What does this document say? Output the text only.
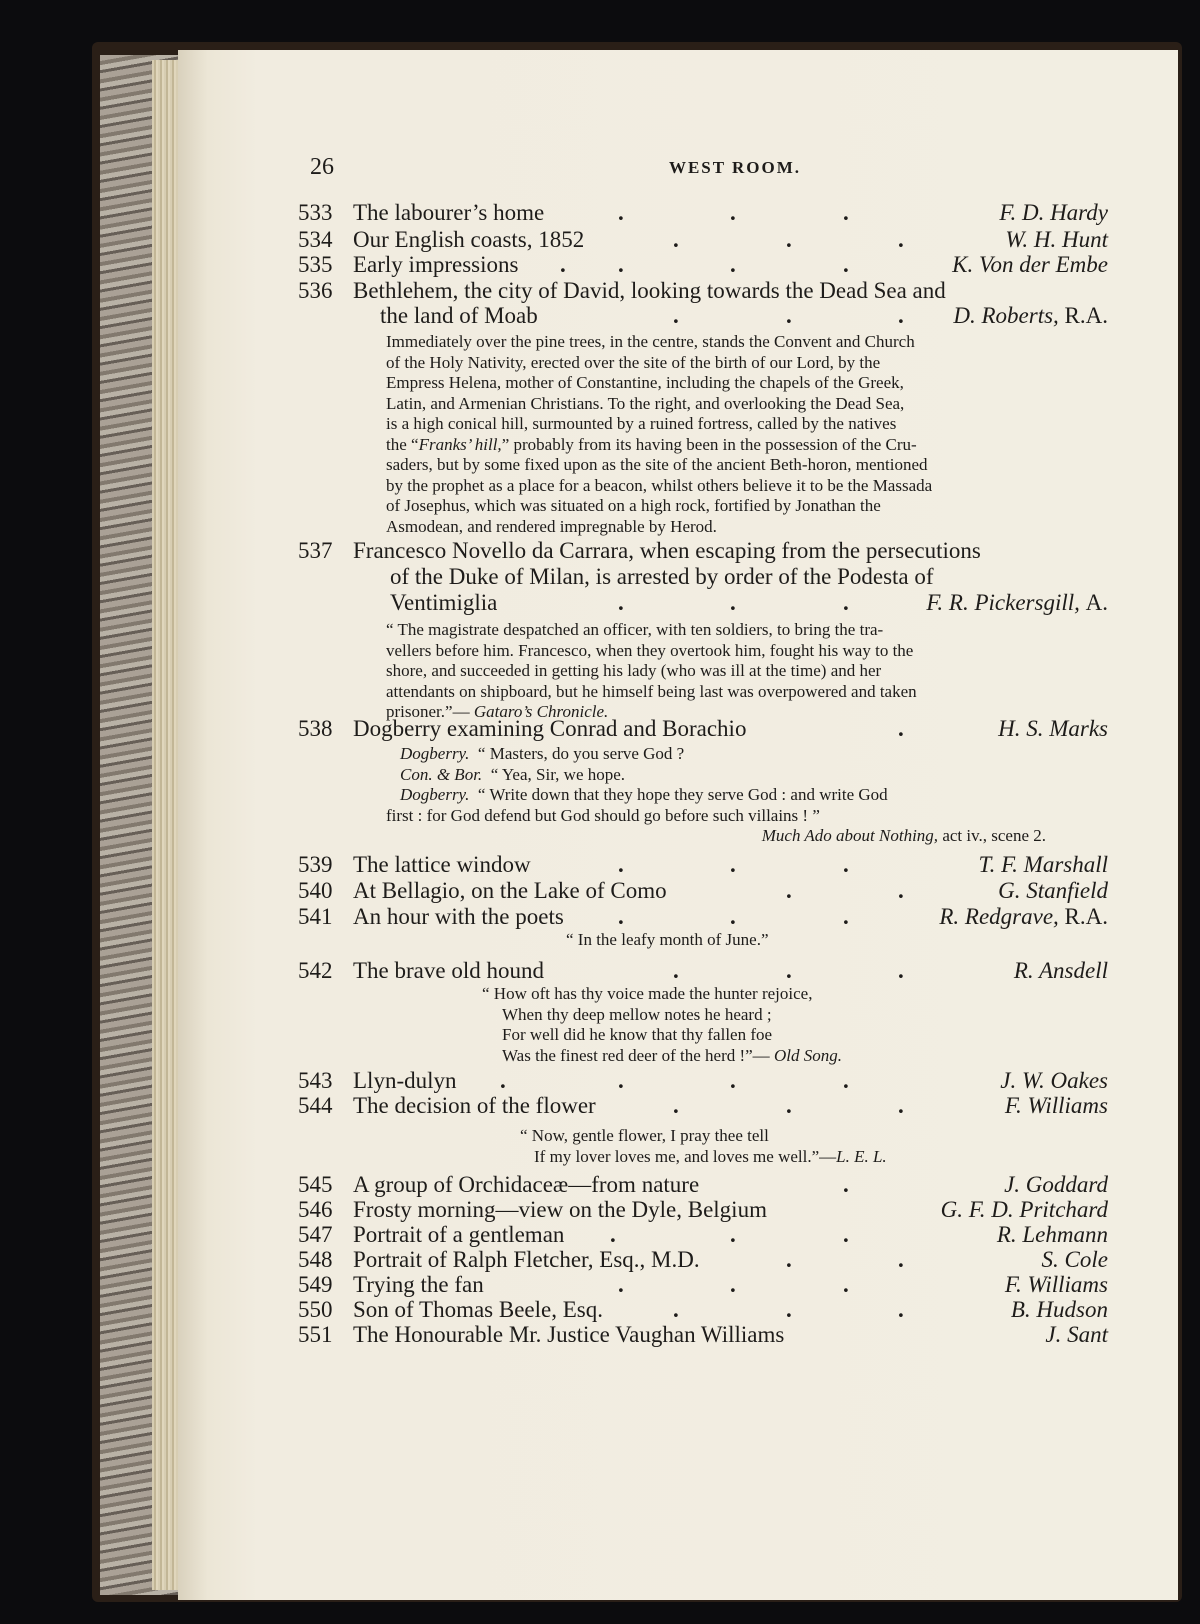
26	WEST ROOM.
533 The labourer’s home	.	.	.	F. D. Hardy
534 Our English coasts, 1852	.	.	.	W. H. Hunt
535 Early impressions . .	.	.	K. Von der Embe
536 Bethlehem, the city of David, looking towards the Dead Sea and
the land of Moab	.	.	. D. Roberts, R.A.
Immediately over the pine trees, in the centre, stands the Convent and Church
of the Holy Nativity, erected over the site of the birth of our Lord, by the
Empress Helena, mother of Constantine, including the chapels of the Greek,
Latin, and Armenian Christians. To the right, and overlooking the Dead Sea,
is a high conical hill, surmounted by a ruined fortress, called by the natives
the “Franks’ hill,” probably from its having been in the possession of the Cru-
saders, but by some fixed upon as the site of the ancient Beth-horon, mentioned
by the prophet as a place for a beacon, whilst others believe it to be the Massada
of Josephus, which was situated on a high rock, fortified by Jonathan the
Asmodean, and rendered impregnable by Herod.
537 Francesco Novello da Carrara, when escaping from the persecutions
of the Duke of Milan, is arrested by order of the Podesta of
Ventimiglia	.	.	.	F. R. Pickersgill, A.
“ The magistrate despatched an officer, with ten soldiers, to bring the tra-
vellers before him. Francesco, when they overtook him, fought his way to the
shore, and succeeded in getting his lady (who was ill at the time) and her
attendants on shipboard, but he himself being last was overpowered and taken
prisoner.”— Gataro’s Chronicle.
538 Dogberry examining Conrad and Borachio	.	H. S. Marks
Dogberry. “ Masters, do you serve God ?
Con. & Bor. “ Yea, Sir, we hope.
Dogberry. “ Write down that they hope they serve God : and write God
first : for God defend but God should go before such villains ! ”
Much Ado about Nothing, act iv., scene 2.
539 The lattice window	.	.	.	T. F. Marshall
540 At Bellagio, on the Lake of Como	.	.	G. Stanfield
541 An hour with the poets .	.	.	R. Redgrave, R.A.
“ In the leafy month of June.”
542 The brave old hound	.	.	.	R. Ansdell
“ How oft has thy voice made the hunter rejoice,
When thy deep mellow notes he heard ;
For well did he know that thy fallen foe
Was the finest red deer of the herd !”— Old Song.
543 Llyn-dulyn .	.	.	.	J. W. Oakes
544 The decision of the flower	.	.	.	F. Williams
“ Now, gentle flower, I pray thee tell
If my lover loves me, and loves me well.”—L. E. L.
545 A group of Orchidaceæ—from nature	.	J. Goddard
546 Frosty morning—view on the Dyle, Belgium	G. F. D. Pritchard
547 Portrait of a gentleman .	.	.	R. Lehmann
548 Portrait of Ralph Fletcher, Esq., M.D.	.	.	S. Cole
549 Trying the fan	.	.	.	F. Williams
550 Son of Thomas Beele, Esq.	.	.	.	B. Hudson
551 The Honourable Mr. Justice Vaughan Williams	J. Sant
